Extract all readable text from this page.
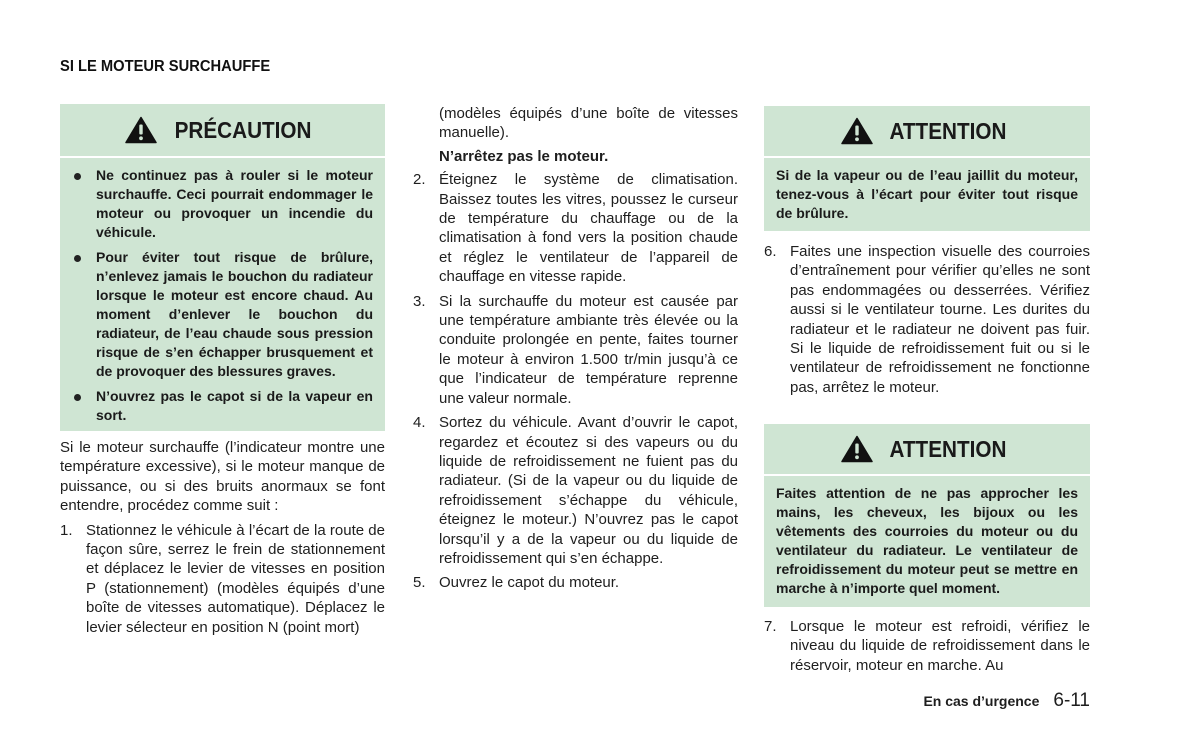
SI LE MOTEUR SURCHAUFFE
PRÉCAUTION
Ne continuez pas à rouler si le moteur surchauffe. Ceci pourrait endommager le moteur ou provoquer un incendie du véhicule.
Pour éviter tout risque de brûlure, n’enlevez jamais le bouchon du radiateur lorsque le moteur est encore chaud. Au moment d’enlever le bouchon du radiateur, de l’eau chaude sous pression risque de s’en échapper brusquement et de provoquer des blessures graves.
N’ouvrez pas le capot si de la vapeur en sort.

Si le moteur surchauffe (l’indicateur montre une température excessive), si le moteur manque de puissance, ou si des bruits anormaux se font entendre, procédez comme suit :

1. Stationnez le véhicule à l’écart de la route de façon sûre, serrez le frein de stationnement et déplacez le levier de vitesses en position P (stationnement) (modèles équipés d’une boîte de vitesses automatique). Déplacez le levier sélecteur en position N (point mort)

(modèles équipés d’une boîte de vitesses manuelle).

N’arrêtez pas le moteur.

2. Éteignez le système de climatisation. Baissez toutes les vitres, poussez le curseur de température du chauffage ou de la climatisation à fond vers la position chaude et réglez le ventilateur de l’appareil de chauffage en vitesse rapide.
3. Si la surchauffe du moteur est causée par une température ambiante très élevée ou la conduite prolongée en pente, faites tourner le moteur à environ 1.500 tr/min jusqu’à ce que l’indicateur de température reprenne une valeur normale.
4. Sortez du véhicule. Avant d’ouvrir le capot, regardez et écoutez si des vapeurs ou du liquide de refroidissement ne fuient pas du radiateur. (Si de la vapeur ou du liquide de refroidissement s’échappe du véhicule, éteignez le moteur.) N’ouvrez pas le capot lorsqu’il y a de la vapeur ou du liquide de refroidissement qui s’en échappe.
5. Ouvrez le capot du moteur.
ATTENTION

Si de la vapeur ou de l’eau jaillit du moteur, tenez-vous à l’écart pour éviter tout risque de brûlure.

6. Faites une inspection visuelle des courroies d’entraînement pour vérifier qu’elles ne sont pas endommagées ou desserrées. Vérifiez aussi si le ventilateur tourne. Les durites du radiateur et le radiateur ne doivent pas fuir. Si le liquide de refroidissement fuit ou si le ventilateur de refroidissement ne fonctionne pas, arrêtez le moteur.
ATTENTION

Faites attention de ne pas approcher les mains, les cheveux, les bijoux ou les vêtements des courroies du moteur ou du ventilateur du radiateur. Le ventilateur de refroidissement du moteur peut se mettre en marche à n’importe quel moment.

7. Lorsque le moteur est refroidi, vérifiez le niveau du liquide de refroidissement dans le réservoir, moteur en marche. Au
En cas d’urgence 6-11
